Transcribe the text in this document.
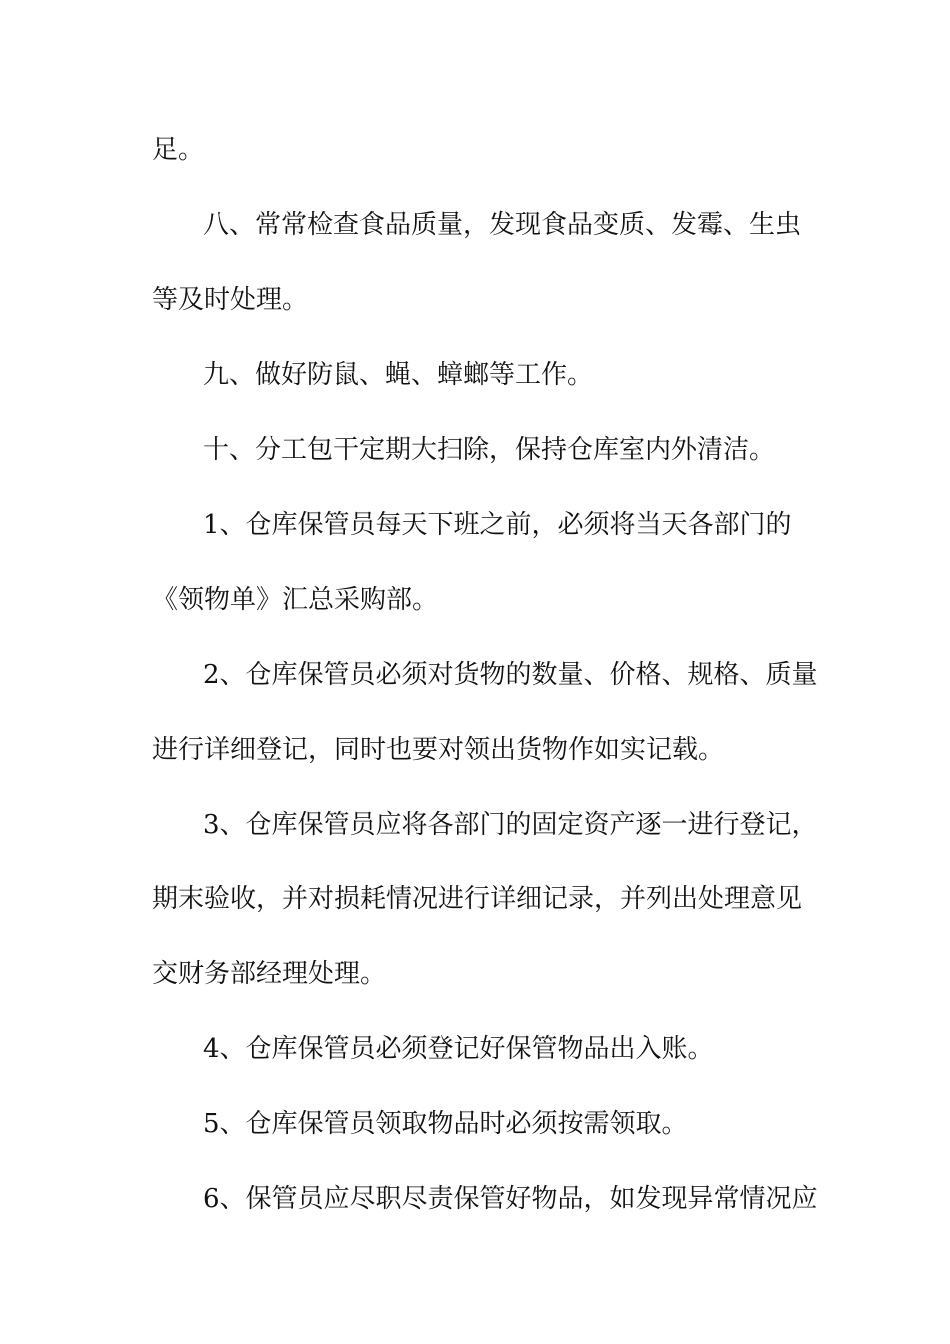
足。
八、常常检查食品质量，发现食品变质、发霉、生虫
等及时处理。
九、做好防鼠、蝇、蟑螂等工作。
十、分工包干定期大扫除，保持仓库室内外清洁。
1、仓库保管员每天下班之前，必须将当天各部门的
《领物单》汇总采购部。
2、仓库保管员必须对货物的数量、价格、规格、质量
进行详细登记，同时也要对领出货物作如实记载。
3、仓库保管员应将各部门的固定资产逐一进行登记，
期末验收，并对损耗情况进行详细记录，并列出处理意见
交财务部经理处理。
4、仓库保管员必须登记好保管物品出入账。
5、仓库保管员领取物品时必须按需领取。
6、保管员应尽职尽责保管好物品，如发现异常情况应
